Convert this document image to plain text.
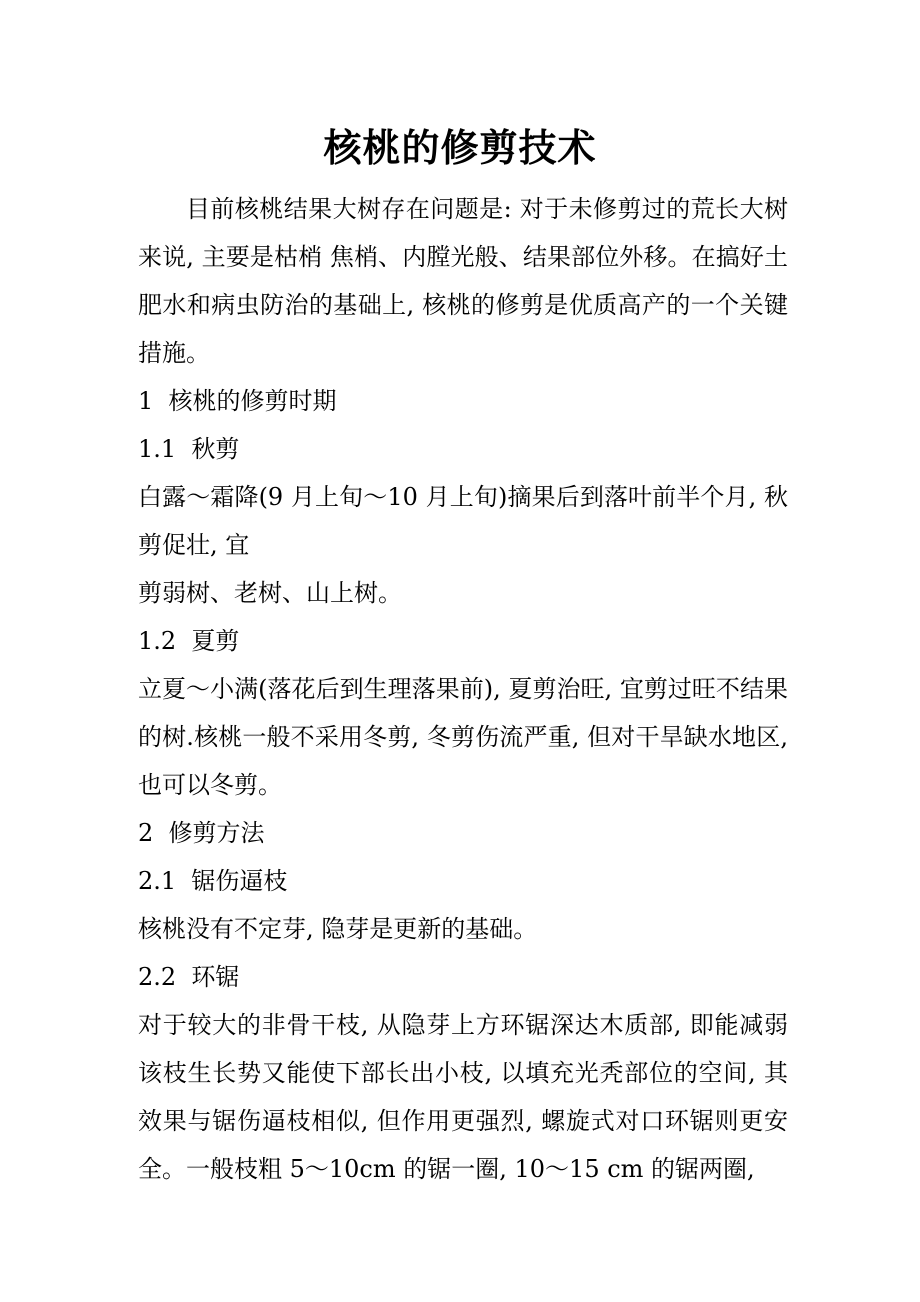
核桃的修剪技术

目前核桃结果大树存在问题是: 对于未修剪过的荒长大树来说, 主要是枯梢 焦梢、内膛光般、结果部位外移。在搞好土肥水和病虫防治的基础上, 核桃的修剪是优质高产的一个关键措施。

1  核桃的修剪时期

1.1  秋剪

白露～霜降(9 月上旬～10 月上旬)摘果后到落叶前半个月, 秋剪促壮, 宜

剪弱树、老树、山上树。

1.2  夏剪

立夏～小满(落花后到生理落果前), 夏剪治旺, 宜剪过旺不结果的树.核桃一般不采用冬剪, 冬剪伤流严重, 但对干旱缺水地区, 也可以冬剪。

2  修剪方法

2.1  锯伤逼枝

核桃没有不定芽, 隐芽是更新的基础。

2.2  环锯

对于较大的非骨干枝, 从隐芽上方环锯深达木质部, 即能减弱该枝生长势又能使下部长出小枝, 以填充光秃部位的空间, 其效果与锯伤逼枝相似, 但作用更强烈, 螺旋式对口环锯则更安全。一般枝粗 5～10cm 的锯一圈, 10～15 cm 的锯两圈,
